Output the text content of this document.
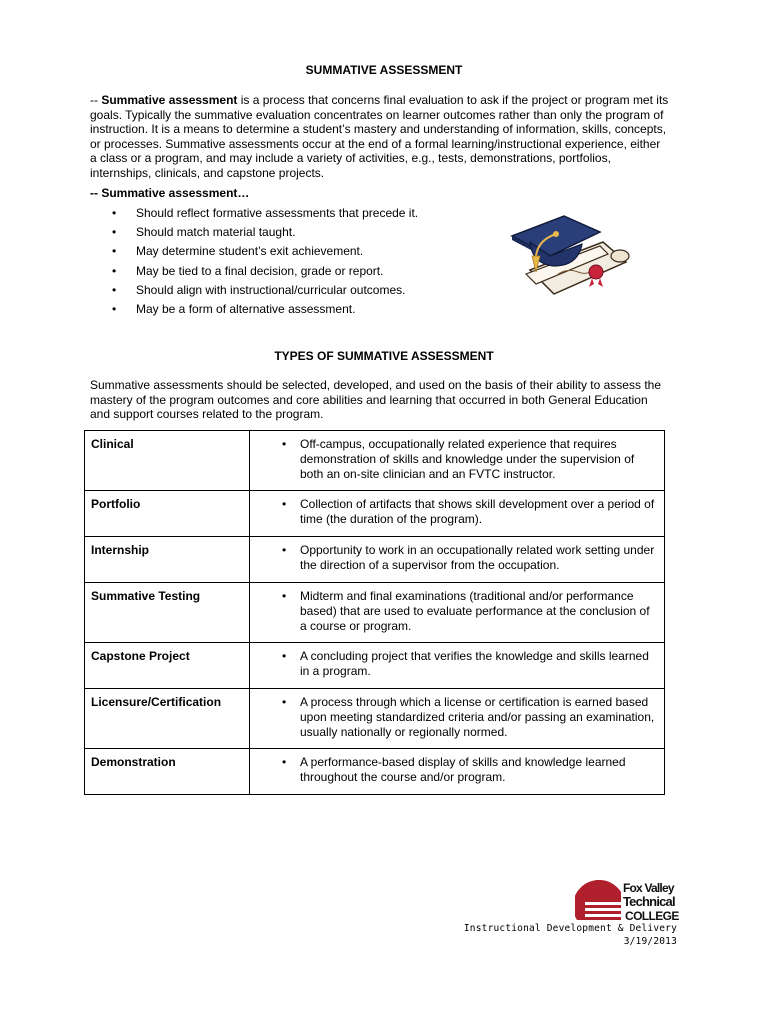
SUMMATIVE ASSESSMENT
-- Summative assessment is a process that concerns final evaluation to ask if the project or program met its goals. Typically the summative evaluation concentrates on learner outcomes rather than only the program of instruction. It is a means to determine a student’s mastery and understanding of information, skills, concepts, or processes. Summative assessments occur at the end of a formal learning/instructional experience, either a class or a program, and may include a variety of activities, e.g., tests, demonstrations, portfolios, internships, clinicals, and capstone projects.
-- Summative assessment…
• Should reflect formative assessments that precede it.
• Should match material taught.
• May determine student’s exit achievement.
• May be tied to a final decision, grade or report.
• Should align with instructional/curricular outcomes.
• May be a form of alternative assessment.
TYPES OF SUMMATIVE ASSESSMENT
Summative assessments should be selected, developed, and used on the basis of their ability to assess the mastery of the program outcomes and core abilities and learning that occurred in both General Education and support courses related to the program.
Clinical	• Off-campus, occupationally related experience that requires demonstration of skills and knowledge under the supervision of both an on-site clinician and an FVTC instructor.

Portfolio	• Collection of artifacts that shows skill development over a period of time (the duration of the program).

Internship	• Opportunity to work in an occupationally related work setting under the direction of a supervisor from the occupation.

Summative Testing	• Midterm and final examinations (traditional and/or performance based) that are used to evaluate performance at the conclusion of a course or program.

Capstone Project	• A concluding project that verifies the knowledge and skills learned in a program.

Licensure/Certification	• A process through which a license or certification is earned based upon meeting standardized criteria and/or passing an examination, usually nationally or regionally normed.

Demonstration	• A performance-based display of skills and knowledge learned throughout the course and/or program.
Fox Valley
Technical
COLLEGE
Instructional Development & Delivery
3/19/2013
